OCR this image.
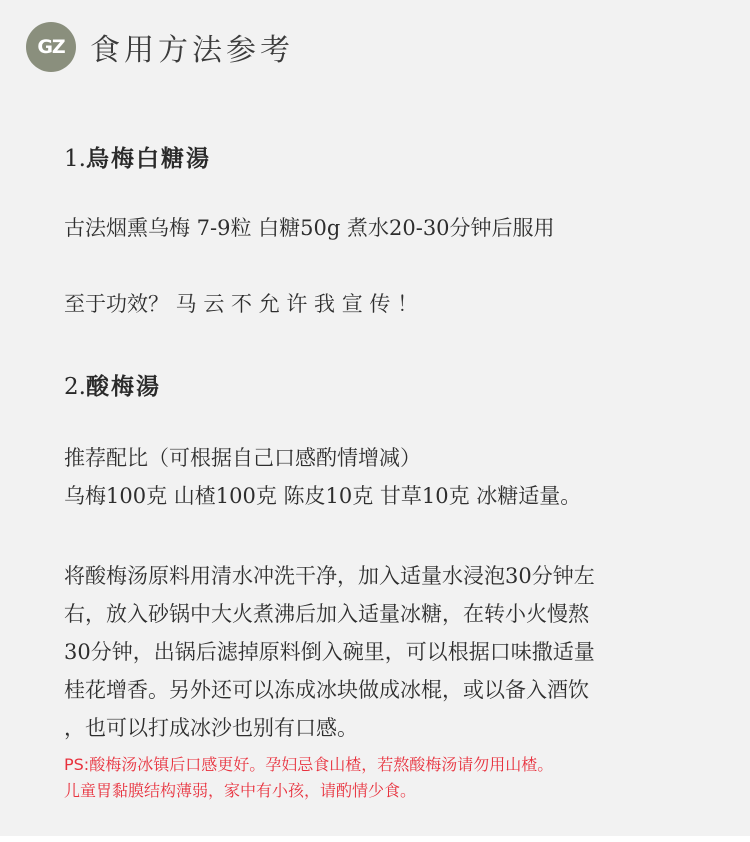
GZ 食用方法参考
1.烏梅白糖湯
古法烟熏乌梅 7-9粒 白糖50g 煮水20-30分钟后服用
至于功效？ 马 云 不 允 许 我 宣 传 ！
2.酸梅湯
推荐配比（可根据自己口感酌情增减）
乌梅100克 山楂100克 陈皮10克 甘草10克 冰糖适量。
将酸梅汤原料用清水冲洗干净，加入适量水浸泡30分钟左
右，放入砂锅中大火煮沸后加入适量冰糖，在转小火慢熬
30分钟，出锅后滤掉原料倒入碗里，可以根据口味撒适量
桂花增香。另外还可以冻成冰块做成冰棍，或以备入酒饮
，也可以打成冰沙也别有口感。
PS:酸梅汤冰镇后口感更好。孕妇忌食山楂，若熬酸梅汤请勿用山楂。
儿童胃黏膜结构薄弱，家中有小孩，请酌情少食。
